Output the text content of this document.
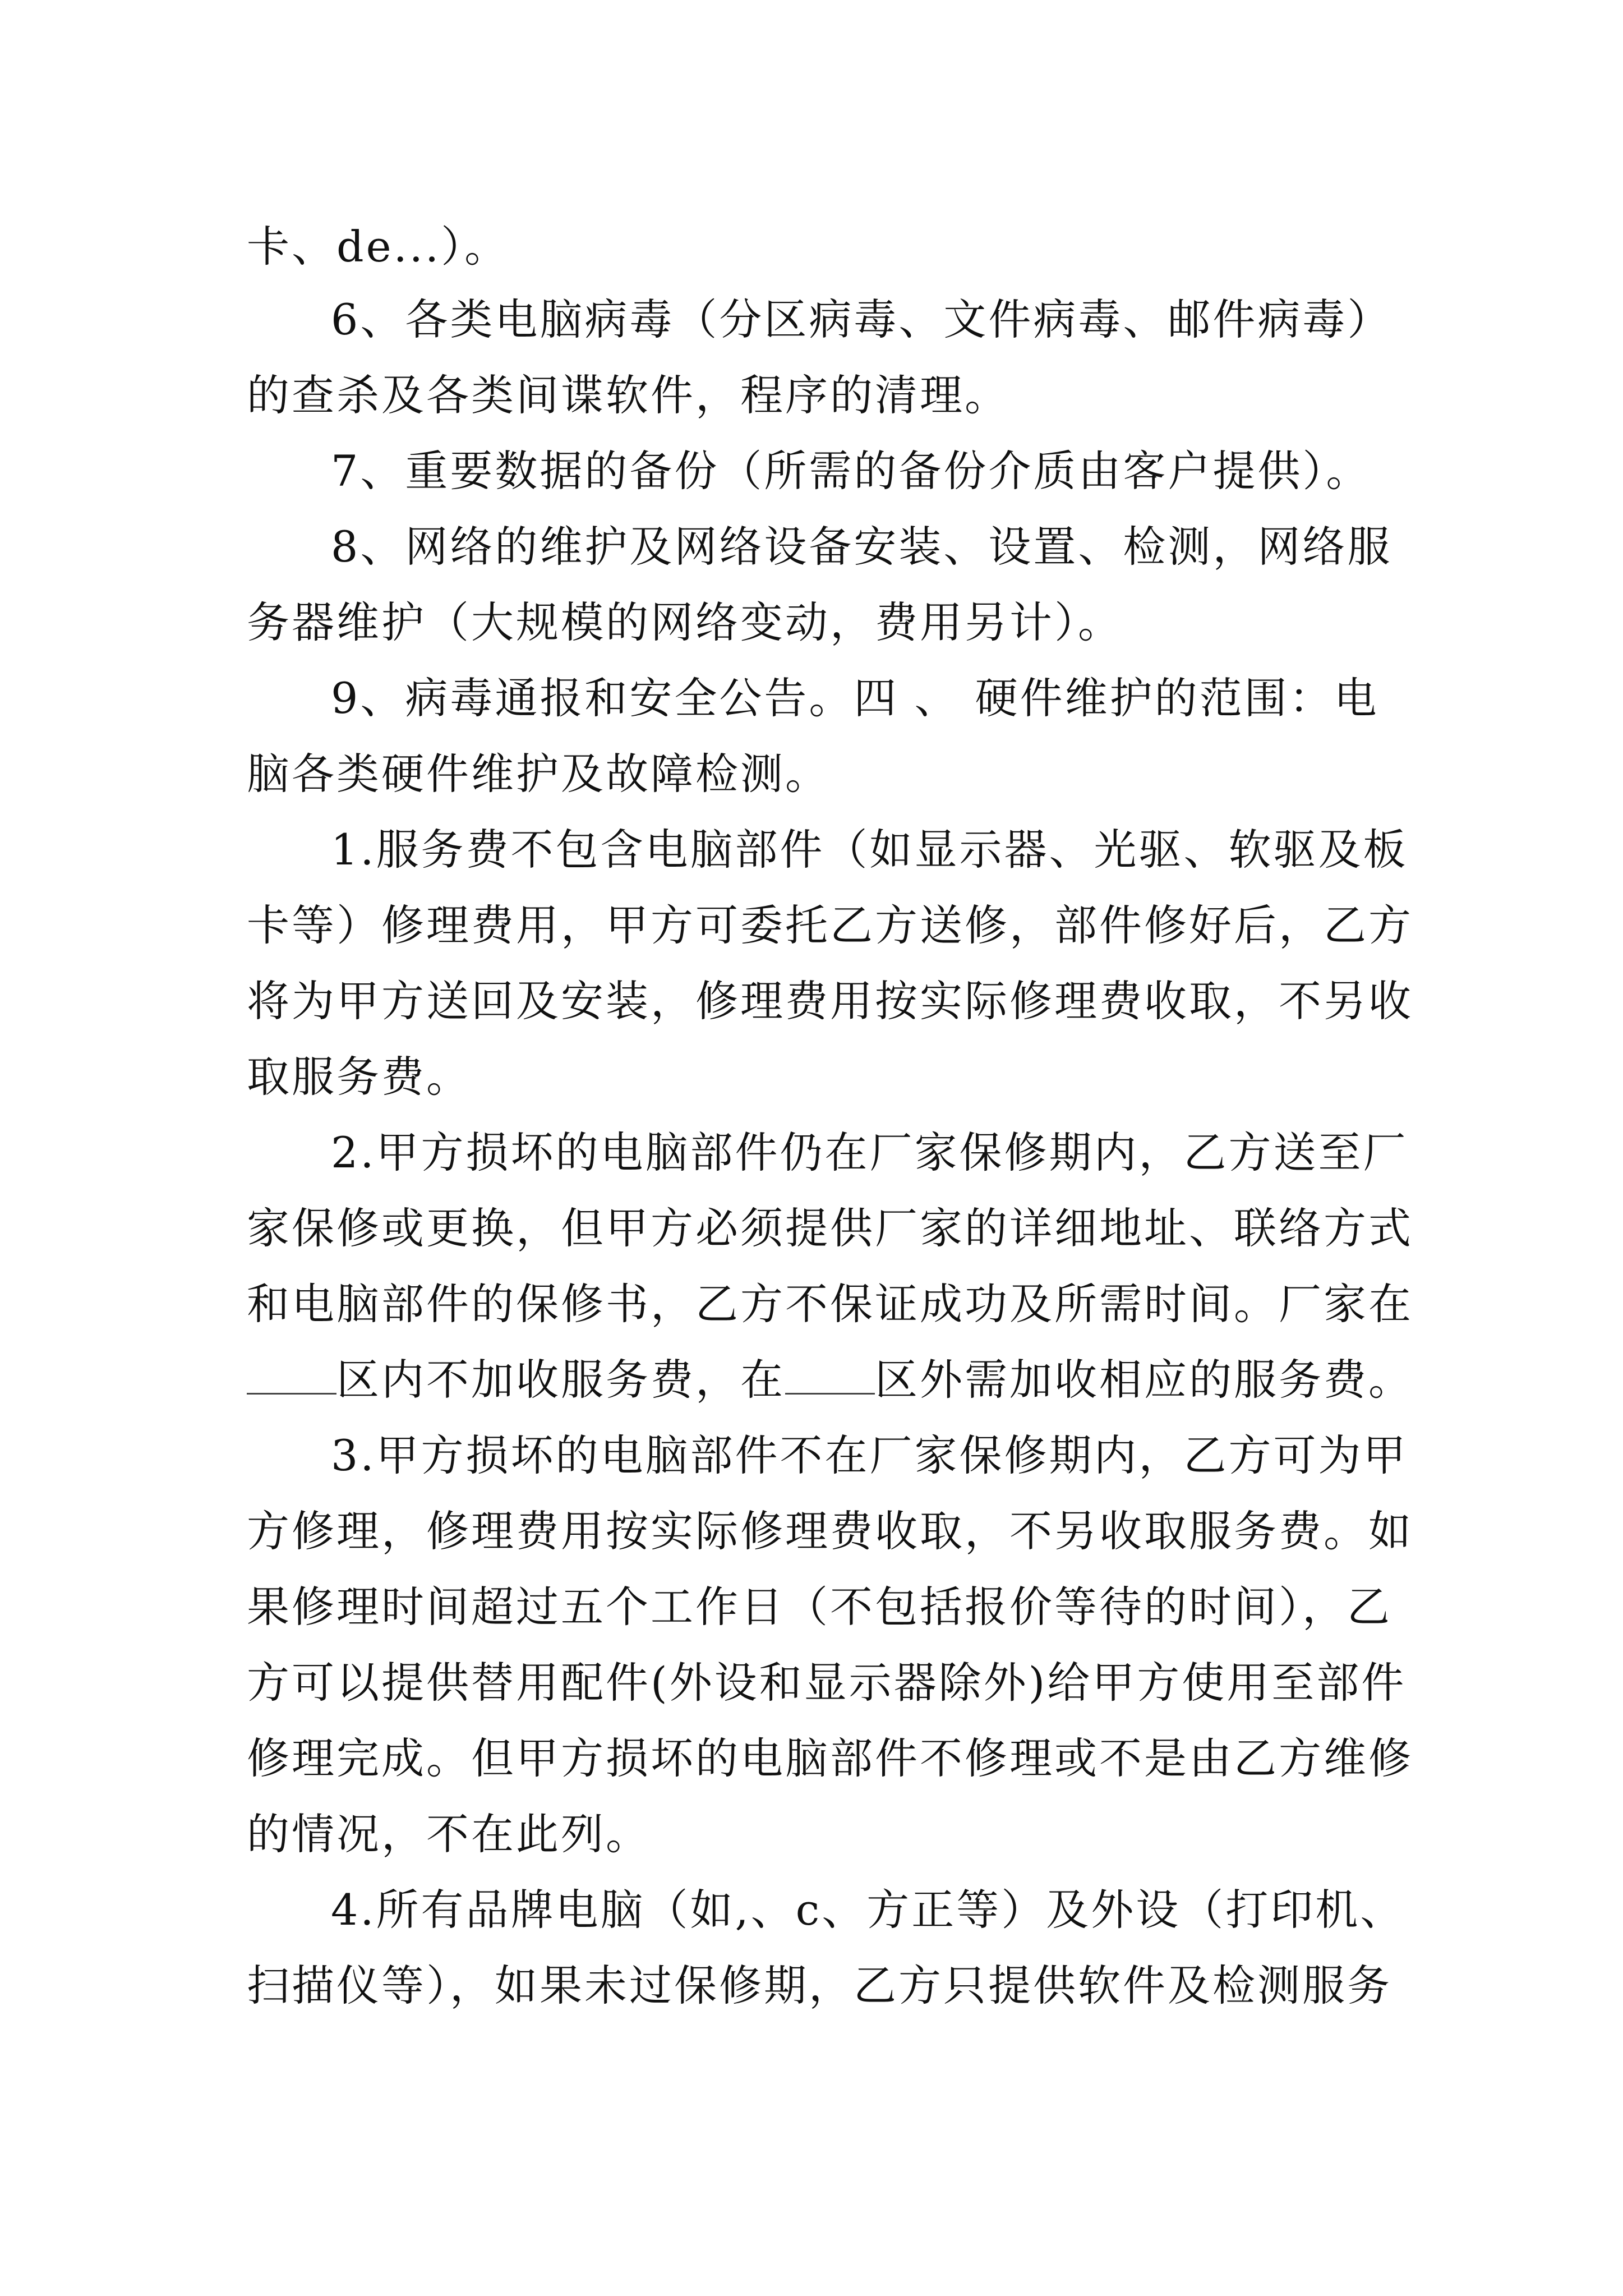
卡、de...）。
6、各类电脑病毒（分区病毒、文件病毒、邮件病毒）
的查杀及各类间谍软件，程序的清理。
7、重要数据的备份（所需的备份介质由客户提供）。
8、网络的维护及网络设备安装、设置、检测，网络服
务器维护（大规模的网络变动，费用另计）。
9、病毒通报和安全公告。四 、 硬件维护的范围：电
脑各类硬件维护及故障检测。
1.服务费不包含电脑部件（如显示器、光驱、软驱及板
卡等）修理费用，甲方可委托乙方送修，部件修好后，乙方
将为甲方送回及安装，修理费用按实际修理费收取，不另收
取服务费。
2.甲方损坏的电脑部件仍在厂家保修期内，乙方送至厂
家保修或更换，但甲方必须提供厂家的详细地址、联络方式
和电脑部件的保修书，乙方不保证成功及所需时间。厂家在
区内不加收服务费，在 区外需加收相应的服务费。
3.甲方损坏的电脑部件不在厂家保修期内，乙方可为甲
方修理，修理费用按实际修理费收取，不另收取服务费。如
果修理时间超过五个工作日（不包括报价等待的时间），乙
方可以提供替用配件(外设和显示器除外)给甲方使用至部件
修理完成。但甲方损坏的电脑部件不修理或不是由乙方维修
的情况，不在此列。
4.所有品牌电脑（如,、c、方正等）及外设（打印机、
扫描仪等），如果未过保修期，乙方只提供软件及检测服务
